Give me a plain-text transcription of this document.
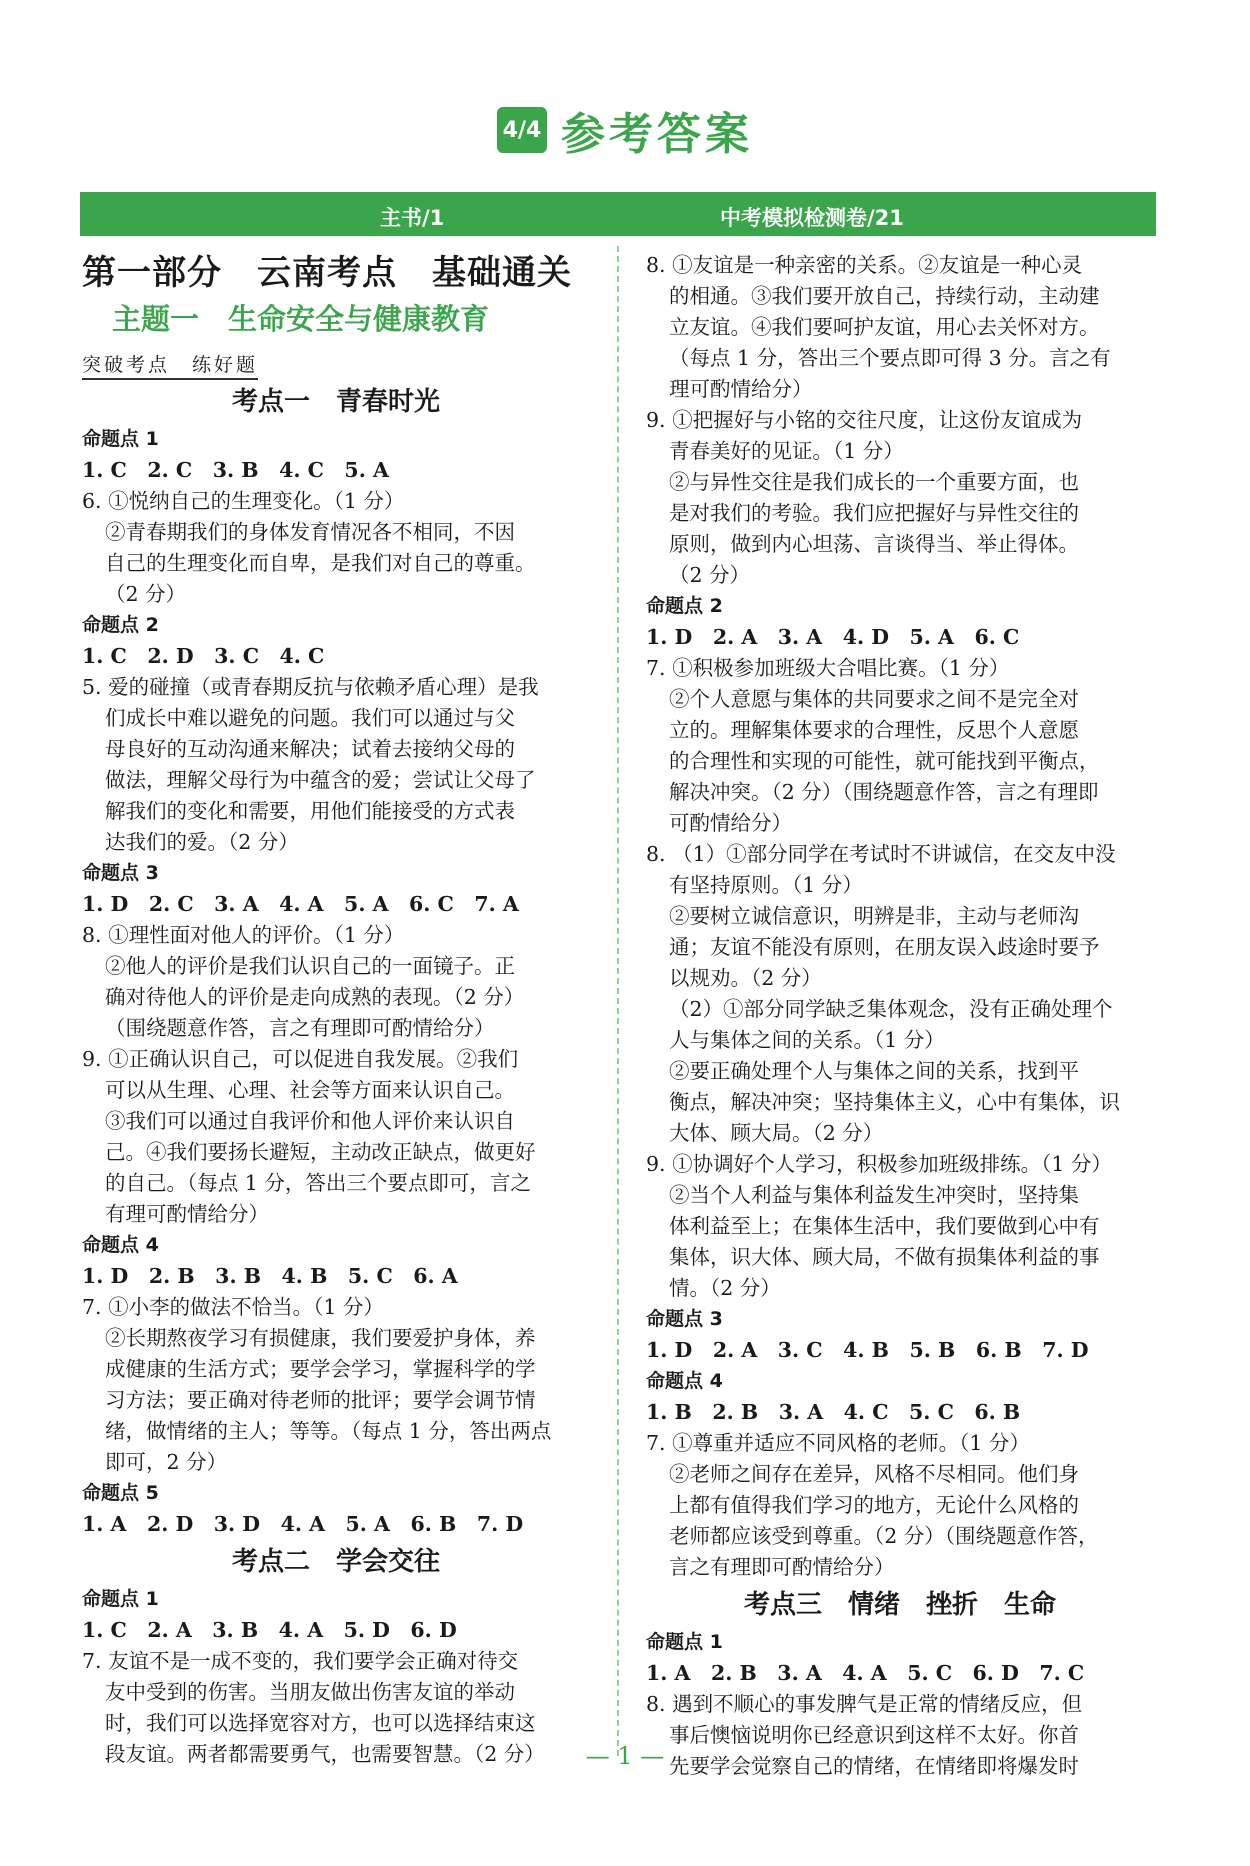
4/4 参考答案
主书/1	中考模拟检测卷/21
第一部分　云南考点　基础通关
主题一　生命安全与健康教育
突破考点　练好题
考点一　青春时光
命题点 1
1. C　2. C　3. B　4. C　5. A
6. ①悦纳自己的生理变化。（1 分）
②青春期我们的身体发育情况各不相同，不因
自己的生理变化而自卑，是我们对自己的尊重。
（2 分）
命题点 2
1. C　2. D　3. C　4. C
5. 爱的碰撞（或青春期反抗与依赖矛盾心理）是我
们成长中难以避免的问题。我们可以通过与父
母良好的互动沟通来解决；试着去接纳父母的
做法，理解父母行为中蕴含的爱；尝试让父母了
解我们的变化和需要，用他们能接受的方式表
达我们的爱。（2 分）
命题点 3
1. D　2. C　3. A　4. A　5. A　6. C　7. A
8. ①理性面对他人的评价。（1 分）
②他人的评价是我们认识自己的一面镜子。正
确对待他人的评价是走向成熟的表现。（2 分）
（围绕题意作答，言之有理即可酌情给分）
9. ①正确认识自己，可以促进自我发展。②我们
可以从生理、心理、社会等方面来认识自己。
③我们可以通过自我评价和他人评价来认识自
己。④我们要扬长避短，主动改正缺点，做更好
的自己。（每点 1 分，答出三个要点即可，言之
有理可酌情给分）
命题点 4
1. D　2. B　3. B　4. B　5. C　6. A
7. ①小李的做法不恰当。（1 分）
②长期熬夜学习有损健康，我们要爱护身体，养
成健康的生活方式；要学会学习，掌握科学的学
习方法；要正确对待老师的批评；要学会调节情
绪，做情绪的主人；等等。（每点 1 分，答出两点
即可，2 分）
命题点 5
1. A　2. D　3. D　4. A　5. A　6. B　7. D
考点二　学会交往
命题点 1
1. C　2. A　3. B　4. A　5. D　6. D
7. 友谊不是一成不变的，我们要学会正确对待交
友中受到的伤害。当朋友做出伤害友谊的举动
时，我们可以选择宽容对方，也可以选择结束这
段友谊。两者都需要勇气，也需要智慧。（2 分）
8. ①友谊是一种亲密的关系。②友谊是一种心灵
的相通。③我们要开放自己，持续行动，主动建
立友谊。④我们要呵护友谊，用心去关怀对方。
（每点 1 分，答出三个要点即可得 3 分。言之有
理可酌情给分）
9. ①把握好与小铭的交往尺度，让这份友谊成为
青春美好的见证。（1 分）
②与异性交往是我们成长的一个重要方面，也
是对我们的考验。我们应把握好与异性交往的
原则，做到内心坦荡、言谈得当、举止得体。
（2 分）
命题点 2
1. D　2. A　3. A　4. D　5. A　6. C
7. ①积极参加班级大合唱比赛。（1 分）
②个人意愿与集体的共同要求之间不是完全对
立的。理解集体要求的合理性，反思个人意愿
的合理性和实现的可能性，就可能找到平衡点，
解决冲突。（2 分）（围绕题意作答，言之有理即
可酌情给分）
8. （1）①部分同学在考试时不讲诚信，在交友中没
有坚持原则。（1 分）
②要树立诚信意识，明辨是非，主动与老师沟
通；友谊不能没有原则，在朋友误入歧途时要予
以规劝。（2 分）
（2）①部分同学缺乏集体观念，没有正确处理个
人与集体之间的关系。（1 分）
②要正确处理个人与集体之间的关系，找到平
衡点，解决冲突；坚持集体主义，心中有集体，识
大体、顾大局。（2 分）
9. ①协调好个人学习，积极参加班级排练。（1 分）
②当个人利益与集体利益发生冲突时，坚持集
体利益至上；在集体生活中，我们要做到心中有
集体，识大体、顾大局，不做有损集体利益的事
情。（2 分）
命题点 3
1. D　2. A　3. C　4. B　5. B　6. B　7. D
命题点 4
1. B　2. B　3. A　4. C　5. C　6. B
7. ①尊重并适应不同风格的老师。（1 分）
②老师之间存在差异，风格不尽相同。他们身
上都有值得我们学习的地方，无论什么风格的
老师都应该受到尊重。（2 分）（围绕题意作答，
言之有理即可酌情给分）
考点三　情绪　挫折　生命
命题点 1
1. A　2. B　3. A　4. A　5. C　6. D　7. C
8. 遇到不顺心的事发脾气是正常的情绪反应，但
事后懊恼说明你已经意识到这样不太好。你首
先要学会觉察自己的情绪，在情绪即将爆发时
— 1 —
